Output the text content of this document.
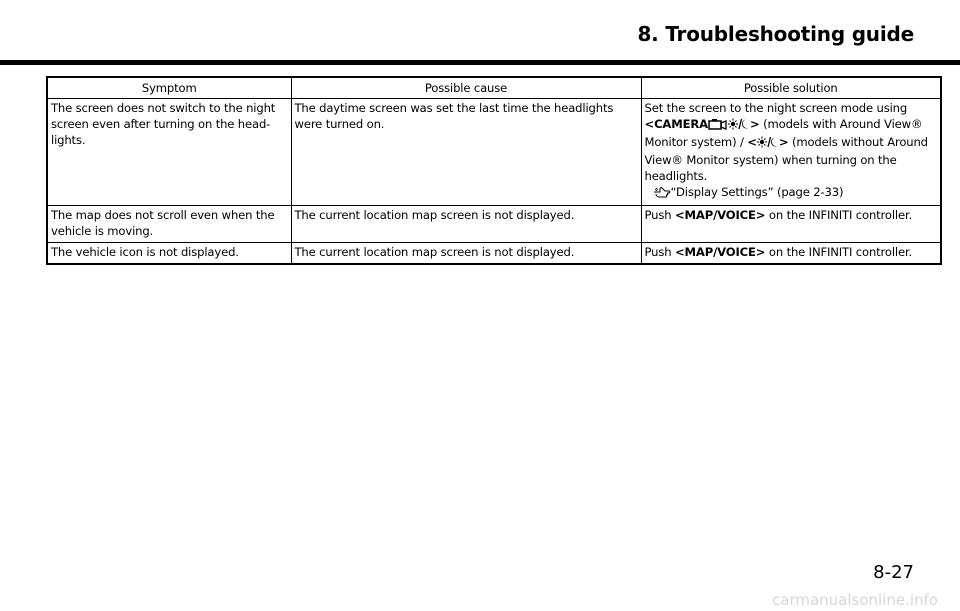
8. Troubleshooting guide
Symptom	Possible cause	Possible solution
The screen does not switch to the night screen even after turning on the head-lights.	The daytime screen was set the last time the headlights were turned on.	Set the screen to the night screen mode using
<CAMERA > (models with Around View® Monitor system) / < > (models without Around View® Monitor system) when turning on the headlights.
“Display Settings” (page 2-33)
The map does not scroll even when the vehicle is moving.	The current location map screen is not displayed.	Push <MAP/VOICE> on the INFINITI controller.
The vehicle icon is not displayed.	The current location map screen is not displayed.	Push <MAP/VOICE> on the INFINITI controller.
8-27
carmanualsonline.info
